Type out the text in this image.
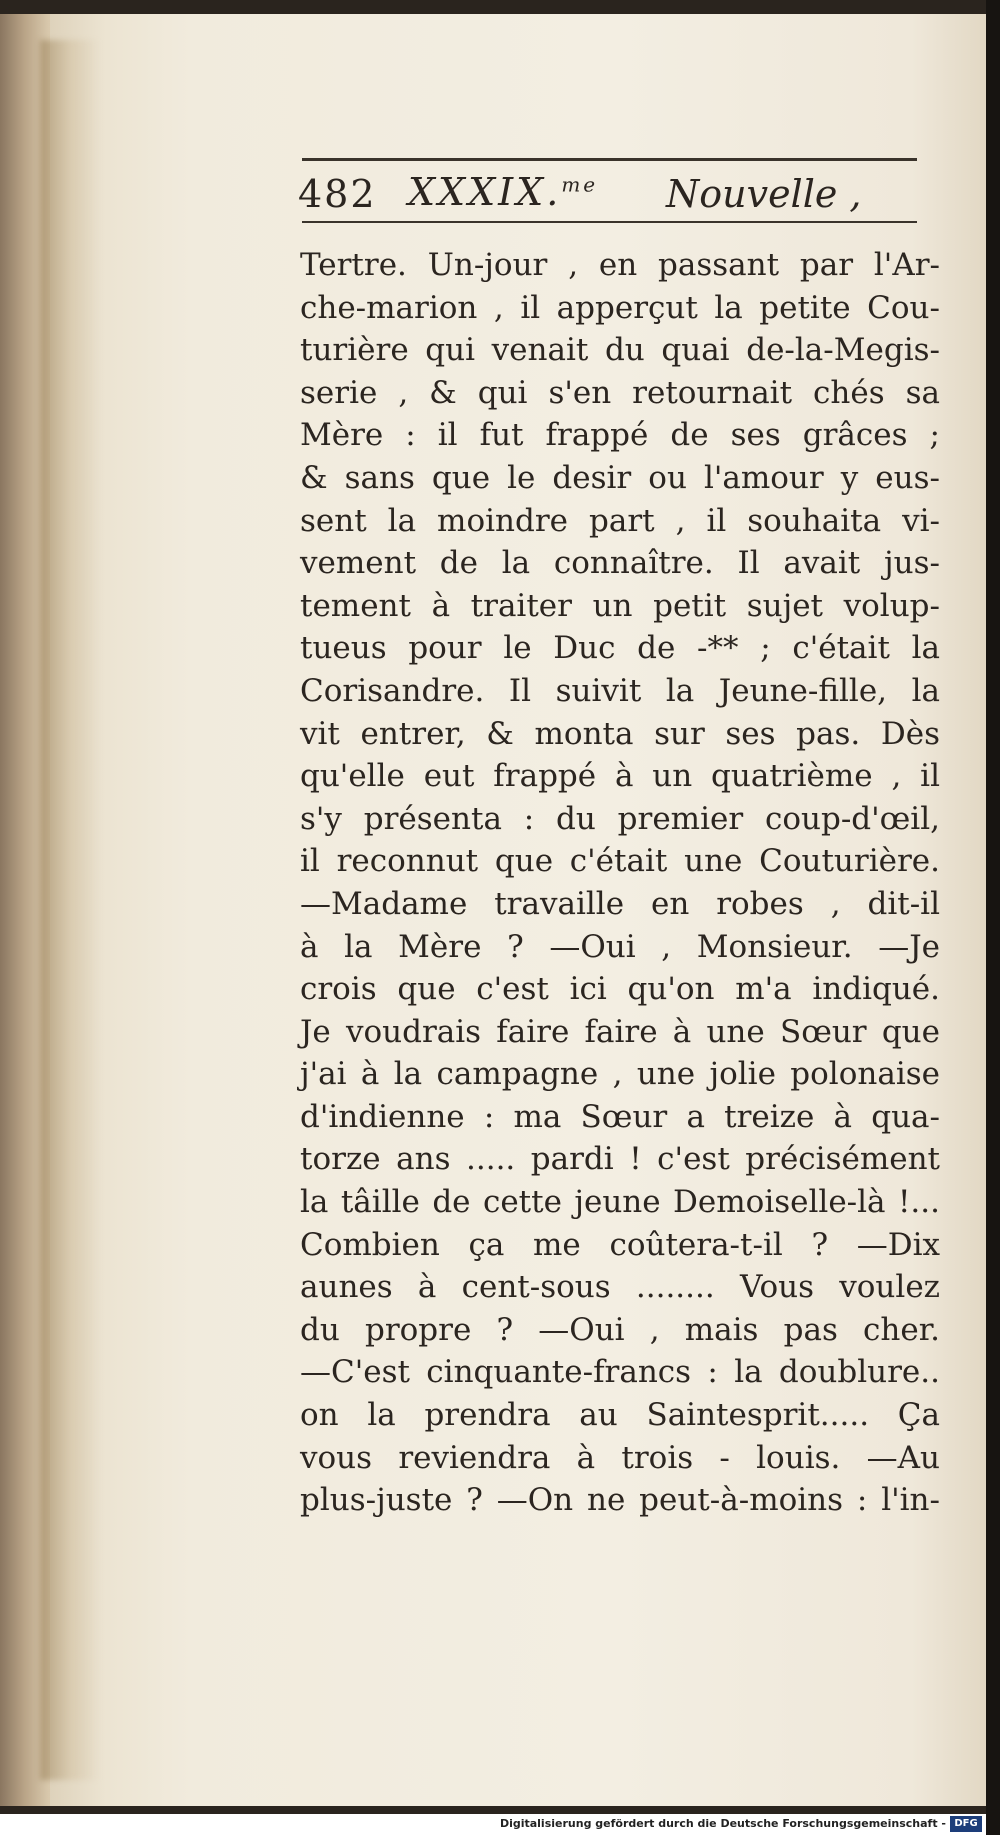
482 XXXIX.$^{me}$ Nouvelle ,
Tertre. Un-jour , en passant par l'Ar-
che-marion , il apperçut la petite Cou-
turière qui venait du quai de-la-Megis-
serie , & qui s'en retournait chés sa
Mère : il fut frappé de ses grâces ;
& sans que le desir ou l'amour y eus-
sent la moindre part , il souhaita vi-
vement de la connaître. Il avait jus-
tement à traiter un petit sujet volup-
tueus pour le Duc de -** ; c'était la
Corisandre. Il suivit la Jeune-fille, la
vit entrer, & monta sur ses pas. Dès
qu'elle eut frappé à un quatrième , il
s'y présenta : du premier coup-d'œil,
il reconnut que c'était une Couturière.
—Madame travaille en robes , dit-il
à la Mère ? —Oui , Monsieur. —Je
crois que c'est ici qu'on m'a indiqué.
Je voudrais faire faire à une Sœur que
j'ai à la campagne , une jolie polonaise
d'indienne : ma Sœur a treize à qua-
torze ans ..... pardi ! c'est précisément
la tâille de cette jeune Demoiselle-là !...
Combien ça me coûtera-t-il ? —Dix
aunes à cent-sous ........ Vous voulez
du propre ? —Oui , mais pas cher.
—C'est cinquante-francs : la doublure..
on la prendra au Saintesprit..... Ça
vous reviendra à trois - louis. —Au
plus-juste ? —On ne peut-à-moins : l'in-
Digitalisierung gefördert durch die Deutsche Forschungsgemeinschaft - DFG
